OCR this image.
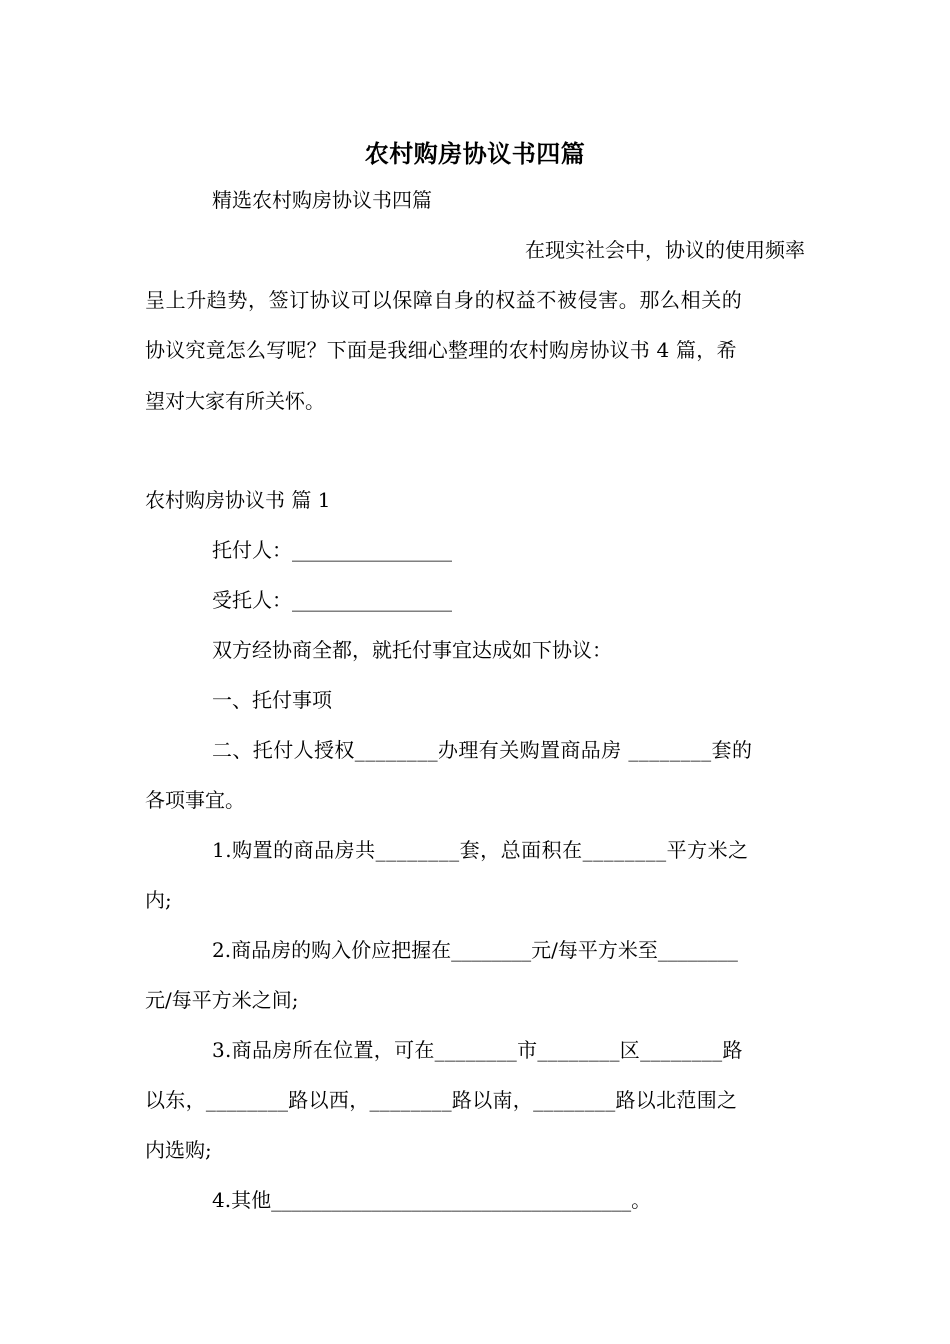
农村购房协议书四篇
精选农村购房协议书四篇
在现实社会中，协议的使用频率
呈上升趋势，签订协议可以保障自身的权益不被侵害。那么相关的
协议究竟怎么写呢？下面是我细心整理的农村购房协议书 4 篇，希
望对大家有所关怀。
农村购房协议书 篇 1
托付人：________________
受托人：________________
双方经协商全都，就托付事宜达成如下协议：
一、托付事项
二、托付人授权________办理有关购置商品房 ________套的
各项事宜。
1.购置的商品房共________套，总面积在________平方米之
内;
2.商品房的购入价应把握在________元/每平方米至________
元/每平方米之间;
3.商品房所在位置，可在________市________区________路
以东，________路以西，________路以南，________路以北范围之
内选购;
4.其他____________________________________。
